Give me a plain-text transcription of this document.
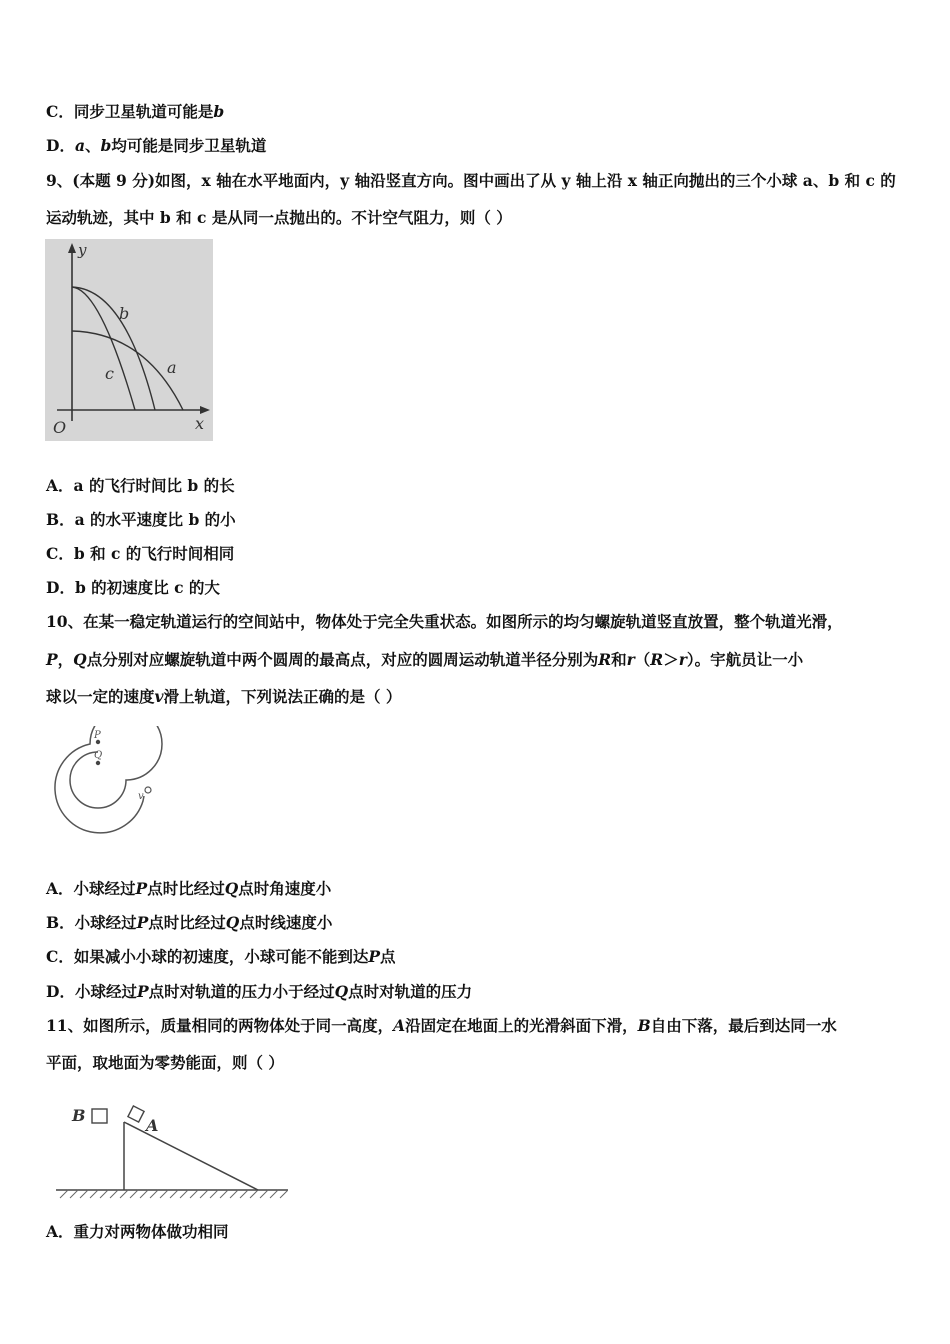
C．同步卫星轨道可能是b
D．a、b均可能是同步卫星轨道
9、(本题 9 分)如图，x 轴在水平地面内，y 轴沿竖直方向。图中画出了从 y 轴上沿 x 轴正向抛出的三个小球 a、b 和 c 的
运动轨迹，其中 b 和 c 是从同一点抛出的。不计空气阻力，则（ ）
y
x
O
b
a
c
A．a 的飞行时间比 b 的长
B．a 的水平速度比 b 的小
C．b 和 c 的飞行时间相同
D．b 的初速度比 c 的大
10、在某一稳定轨道运行的空间站中，物体处于完全失重状态。如图所示的均匀螺旋轨道竖直放置，整个轨道光滑，
P，Q点分别对应螺旋轨道中两个圆周的最高点，对应的圆周运动轨道半径分别为R和r（R＞r）。宇航员让一小
球以一定的速度v滑上轨道，下列说法正确的是（ ）
P
Q
v
A．小球经过P点时比经过Q点时角速度小
B．小球经过P点时比经过Q点时线速度小
C．如果减小小球的初速度，小球可能不能到达P点
D．小球经过P点时对轨道的压力小于经过Q点时对轨道的压力
11、如图所示，质量相同的两物体处于同一高度，A沿固定在地面上的光滑斜面下滑，B自由下落，最后到达同一水
平面，取地面为零势能面，则（ ）
B
A
A．重力对两物体做功相同
